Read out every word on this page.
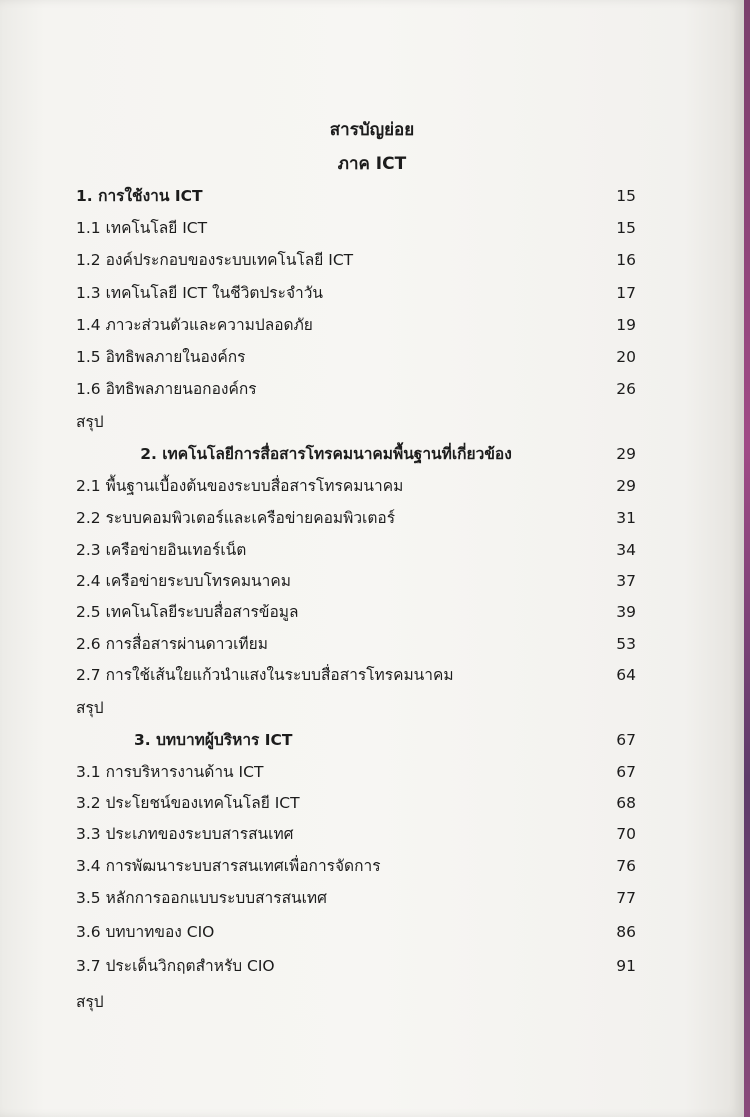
สารบัญย่อย
ภาค ICT
1. การใช้งาน ICT	15
1.1 เทคโนโลยี ICT	15
1.2 องค์ประกอบของระบบเทคโนโลยี ICT	16
1.3 เทคโนโลยี ICT ในชีวิตประจำวัน	17
1.4 ภาวะส่วนตัวและความปลอดภัย	19
1.5 อิทธิพลภายในองค์กร	20
1.6 อิทธิพลภายนอกองค์กร	26
สรุป
2. เทคโนโลยีการสื่อสารโทรคมนาคมพื้นฐานที่เกี่ยวข้อง	29
2.1 พื้นฐานเบื้องต้นของระบบสื่อสารโทรคมนาคม	29
2.2 ระบบคอมพิวเตอร์และเครือข่ายคอมพิวเตอร์	31
2.3 เครือข่ายอินเทอร์เน็ต	34
2.4 เครือข่ายระบบโทรคมนาคม	37
2.5 เทคโนโลยีระบบสื่อสารข้อมูล	39
2.6 การสื่อสารผ่านดาวเทียม	53
2.7 การใช้เส้นใยแก้วนำแสงในระบบสื่อสารโทรคมนาคม	64
สรุป
3. บทบาทผู้บริหาร ICT	67
3.1 การบริหารงานด้าน ICT	67
3.2 ประโยชน์ของเทคโนโลยี ICT	68
3.3 ประเภทของระบบสารสนเทศ	70
3.4 การพัฒนาระบบสารสนเทศเพื่อการจัดการ	76
3.5 หลักการออกแบบระบบสารสนเทศ	77
3.6 บทบาทของ CIO	86
3.7 ประเด็นวิกฤตสำหรับ CIO	91
สรุป
